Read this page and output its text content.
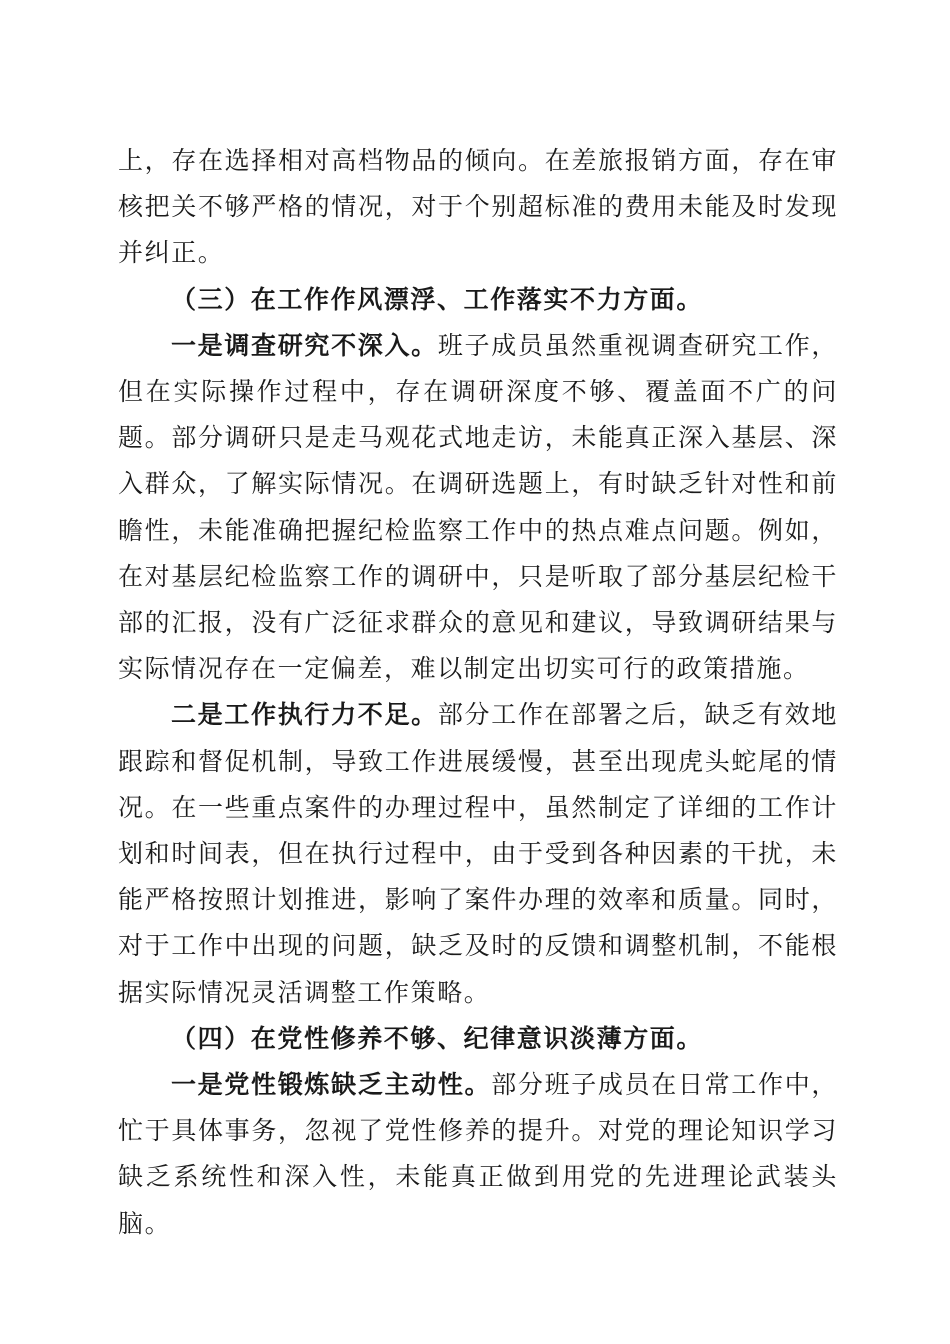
上，存在选择相对高档物品的倾向。在差旅报销方面，存在审核把关不够严格的情况，对于个别超标准的费用未能及时发现并纠正。

（三）在工作作风漂浮、工作落实不力方面。

一是调查研究不深入。班子成员虽然重视调查研究工作，但在实际操作过程中，存在调研深度不够、覆盖面不广的问题。部分调研只是走马观花式地走访，未能真正深入基层、深入群众，了解实际情况。在调研选题上，有时缺乏针对性和前瞻性，未能准确把握纪检监察工作中的热点难点问题。例如，在对基层纪检监察工作的调研中，只是听取了部分基层纪检干部的汇报，没有广泛征求群众的意见和建议，导致调研结果与实际情况存在一定偏差，难以制定出切实可行的政策措施。

二是工作执行力不足。部分工作在部署之后，缺乏有效地跟踪和督促机制，导致工作进展缓慢，甚至出现虎头蛇尾的情况。在一些重点案件的办理过程中，虽然制定了详细的工作计划和时间表，但在执行过程中，由于受到各种因素的干扰，未能严格按照计划推进，影响了案件办理的效率和质量。同时，对于工作中出现的问题，缺乏及时的反馈和调整机制，不能根据实际情况灵活调整工作策略。

（四）在党性修养不够、纪律意识淡薄方面。

一是党性锻炼缺乏主动性。部分班子成员在日常工作中，忙于具体事务，忽视了党性修养的提升。对党的理论知识学习缺乏系统性和深入性，未能真正做到用党的先进理论武装头脑。
